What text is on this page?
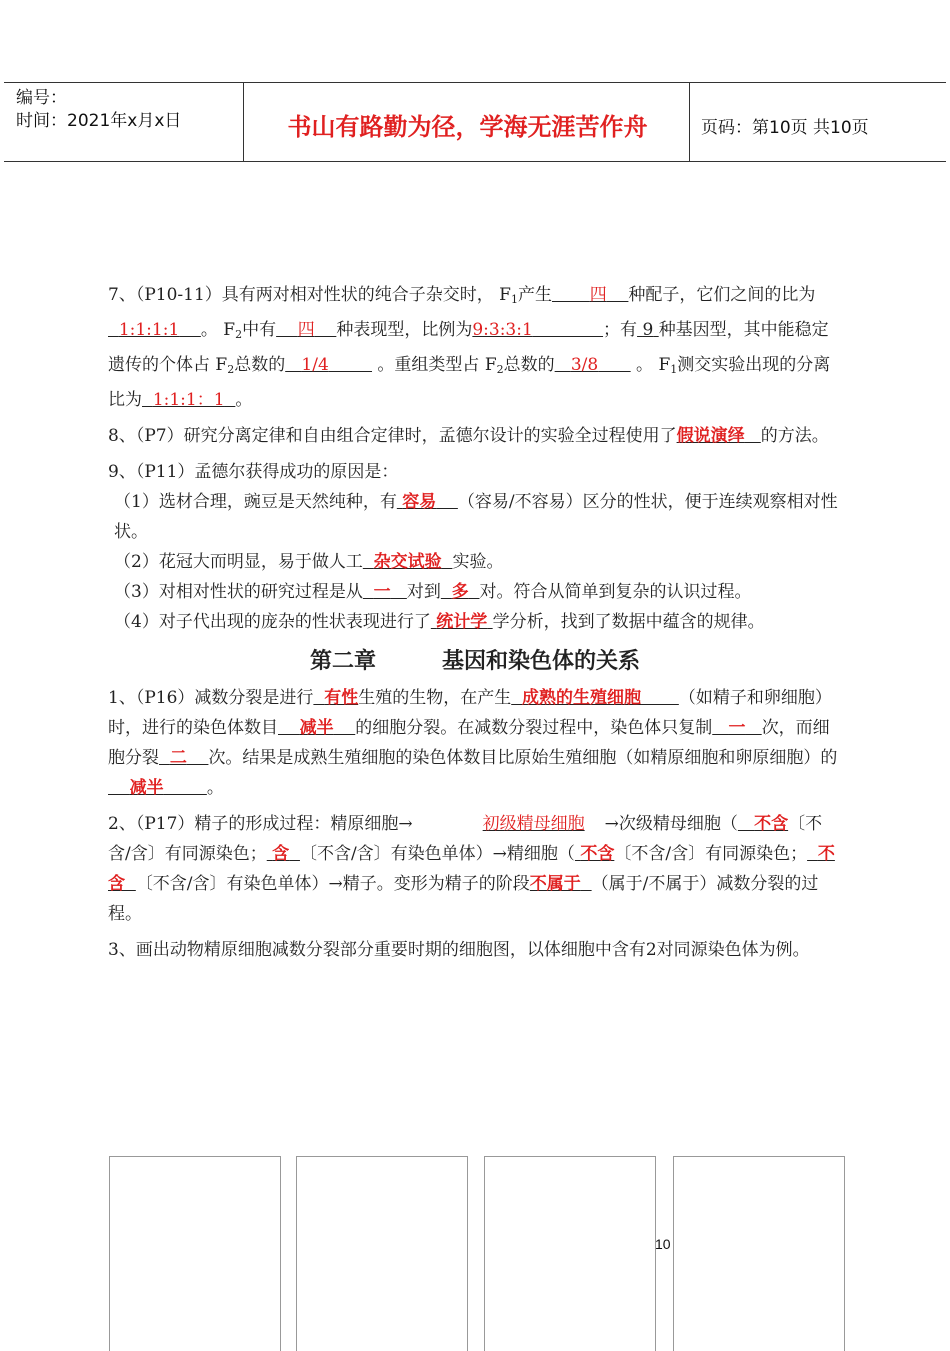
编号：
时间：2021年x月x日	书山有路勤为径，学海无涯苦作舟	页码：第10页 共10页

7、（P10-11）具有两对相对性状的纯合子杂交时， $F_1$产生 四 种配子，它们之间的比为   1:1:1:1 。 $F_2$中有 四 种表现型，比例为9:3:3:1	；有 9 种基因型，其中能稳定遗传的个体占 $F_2$总数的 1/4	。重组类型占 $F_2$总数的 3/8       。 $F_1$测交实验出现的分离比为 1:1:1：1 。

8、（P7）研究分离定律和自由组合定律时，孟德尔设计的实验全过程使用了假说演绎 的方法。

9、（P11）孟德尔获得成功的原因是：

（1）选材合理，豌豆是天然纯种，有 容易 （容易/不容易）区分的性状，便于连续观察相对性状。

（2）花冠大而明显，易于做人工 杂交试验 实验。

（3）对相对性状的研究过程是从 一 对到 多 对。符合从简单到复杂的认识过程。

（4）对子代出现的庞杂的性状表现进行了 统计学 学分析，找到了数据中蕴含的规律。

第二章	基因和染色体的关系

1、（P16）减数分裂是进行 有性生殖的生物，在产生 成熟的生殖细胞 （如精子和卵细胞）时，进行的染色体数目 减半 的细胞分裂。在减数分裂过程中，染色体只复制 一 次，而细胞分裂 二 次。结果是成熟生殖细胞的染色体数目比原始生殖细胞（如精原细胞和卵原细胞）的    减半	。

2、（P17）精子的形成过程：精原细胞→	初级精母细胞 →次级精母细胞（ 不含〔不含/含〕有同源染色； 含 〔不含/含〕有染色单体）→精细胞（ 不含〔不含/含〕有同源染色； 不含 〔不含/含〕有染色单体）→精子。变形为精子的阶段不属于 （属于/不属于）减数分裂的过程。

3、画出动物精原细胞减数分裂部分重要时期的细胞图，以体细胞中含有2对同源染色体为例。

10
